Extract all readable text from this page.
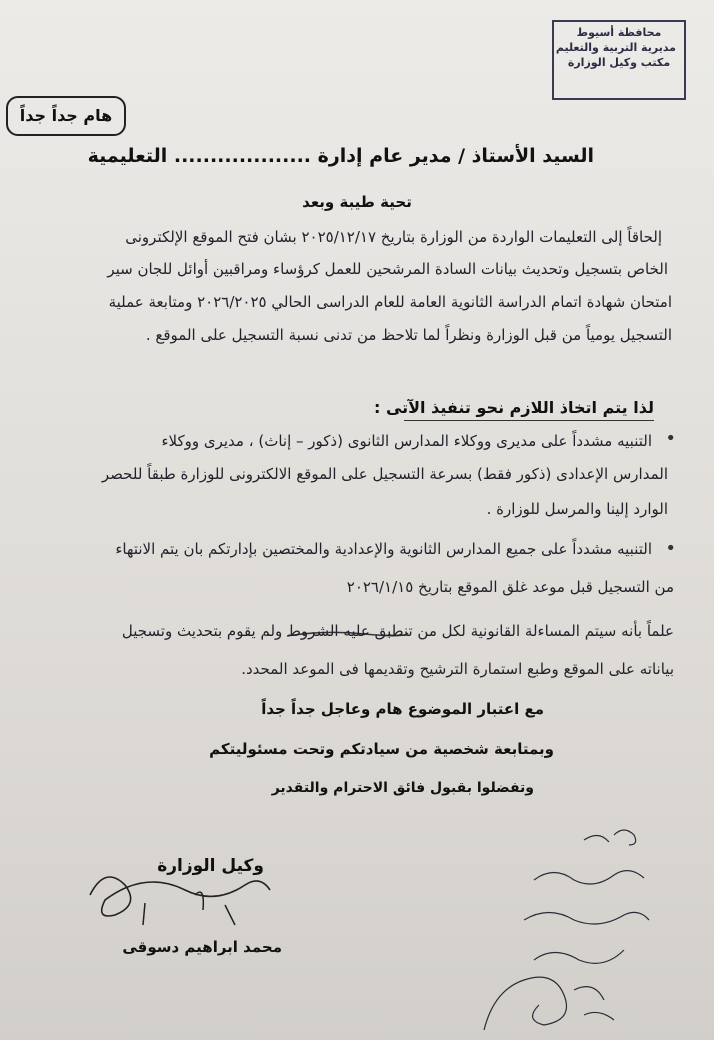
محافظة أسيوط
مديرية التربية والتعليم
مكتب وكيل الوزارة
هام جداً جداً
السيد الأستاذ / مدير عام إدارة ................... التعليمية
تحية طيبة وبعد
إلحاقاً إلى التعليمات الواردة من الوزارة بتاريخ ٢٠٢٥/١٢/١٧ بشان فتح الموقع الإلكترونى
الخاص بتسجيل وتحديث بيانات السادة المرشحين للعمل كرؤساء ومراقبين أوائل للجان سير
امتحان شهادة اتمام الدراسة الثانوية العامة للعام الدراسى الحالي ٢٠٢٦/٢٠٢٥ ومتابعة عملية
التسجيل يومياً من قبل الوزارة ونظراً لما تلاحظ من تدنى نسبة التسجيل على الموقع .
لذا يتم اتخاذ اللازم نحو تنفيذ الآتى :
•
التنبيه مشدداً على مديرى ووكلاء المدارس الثانوى (ذكور – إناث) ، مديرى ووكلاء
المدارس الإعدادى (ذكور فقط) بسرعة التسجيل على الموقع الالكترونى للوزارة طبقاً للحصر
الوارد إلينا والمرسل للوزارة .
•
التنبيه مشدداً على جميع المدارس الثانوية والإعدادية والمختصين بإدارتكم بان يتم الانتهاء
من التسجيل قبل موعد غلق الموقع بتاريخ ٢٠٢٦/١/١٥
علماً بأنه سيتم المساءلة القانونية لكل من تنطبق عليه الشروط ولم يقوم بتحديث وتسجيل
بياناته على الموقع وطبع استمارة الترشيح وتقديمها فى الموعد المحدد.
مع اعتبار الموضوع هام وعاجل جداً جداً
وبمتابعة شخصية من سيادتكم وتحت مسئوليتكم
وتفضلوا بقبول فائق الاحترام والتقدير
وكيل الوزارة
محمد ابراهيم دسوقى
